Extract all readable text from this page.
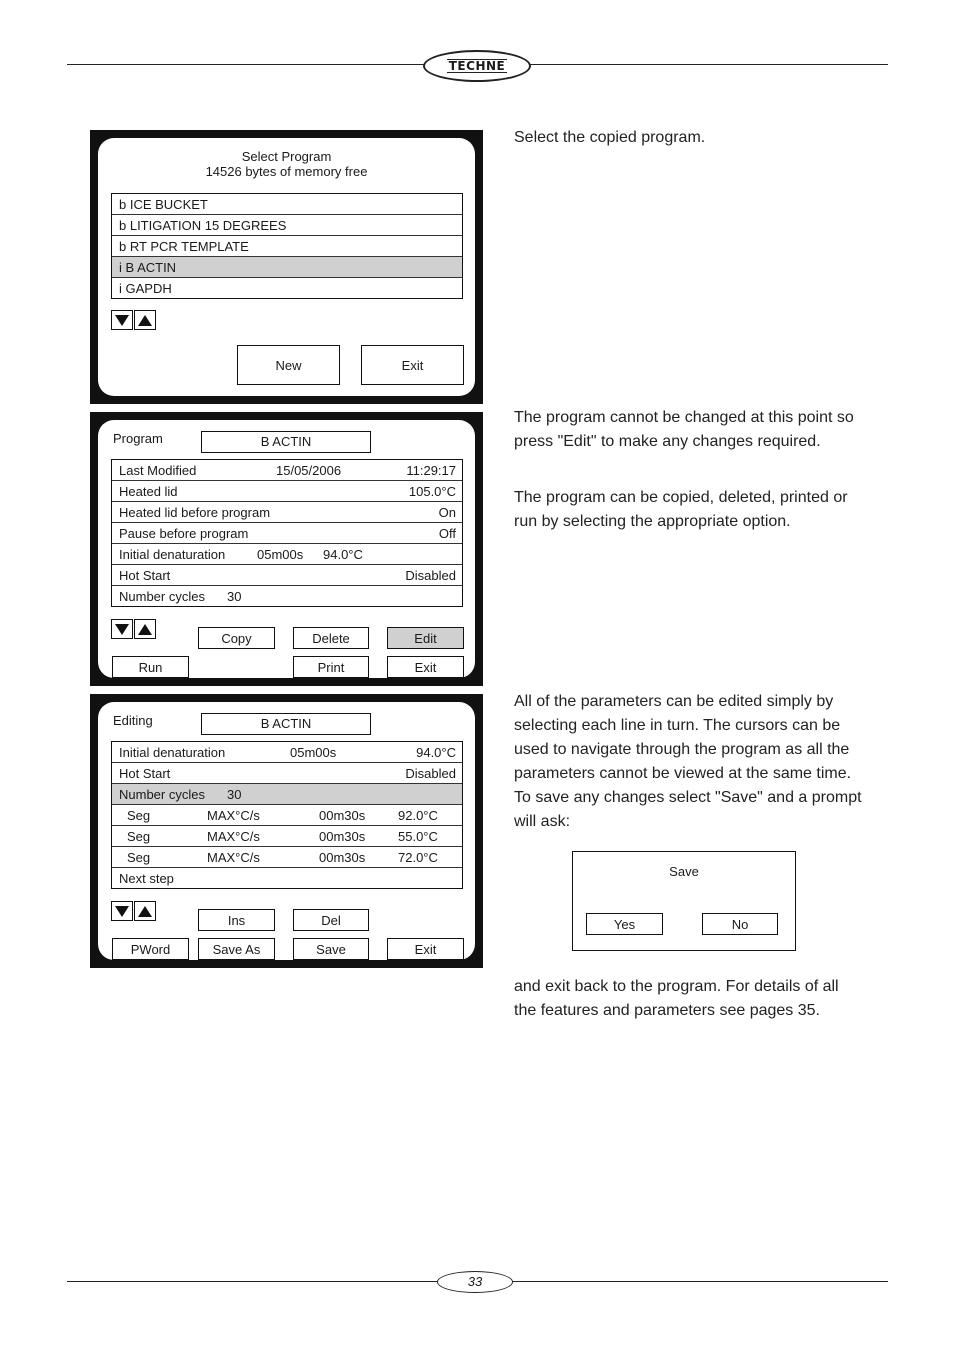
TECHNE
Select Program
14526 bytes of memory free
b ICE BUCKET
b LITIGATION 15 DEGREES
b RT PCR TEMPLATE
i B ACTIN
i GAPDH
New	Exit
Program	B ACTIN
Last Modified	15/05/2006	11:29:17
Heated lid	105.0°C
Heated lid before program	On
Pause before program	Off
Initial denaturation 05m00s 94.0°C
Hot Start	Disabled
Number cycles 30
Copy	Delete	Edit
Run	Print	Exit
Editing	B ACTIN
Initial denaturation	05m00s	94.0°C
Hot Start	Disabled
Number cycles 30
Seg	MAX°C/s	00m30s	92.0°C
Seg	MAX°C/s	00m30s	55.0°C
Seg	MAX°C/s	00m30s	72.0°C
Next step
Ins	Del
PWord	Save As	Save	Exit

Select the copied program.

The program cannot be changed at this point so press "Edit" to make any changes required.

The program can be copied, deleted, printed or run by selecting the appropriate option.

All of the parameters can be edited simply by selecting each line in turn. The cursors can be used to navigate through the program as all the parameters cannot be viewed at the same time. To save any changes select "Save" and a prompt will ask:

and exit back to the program. For details of all the features and parameters see pages 35.

Save
Yes	No
33
